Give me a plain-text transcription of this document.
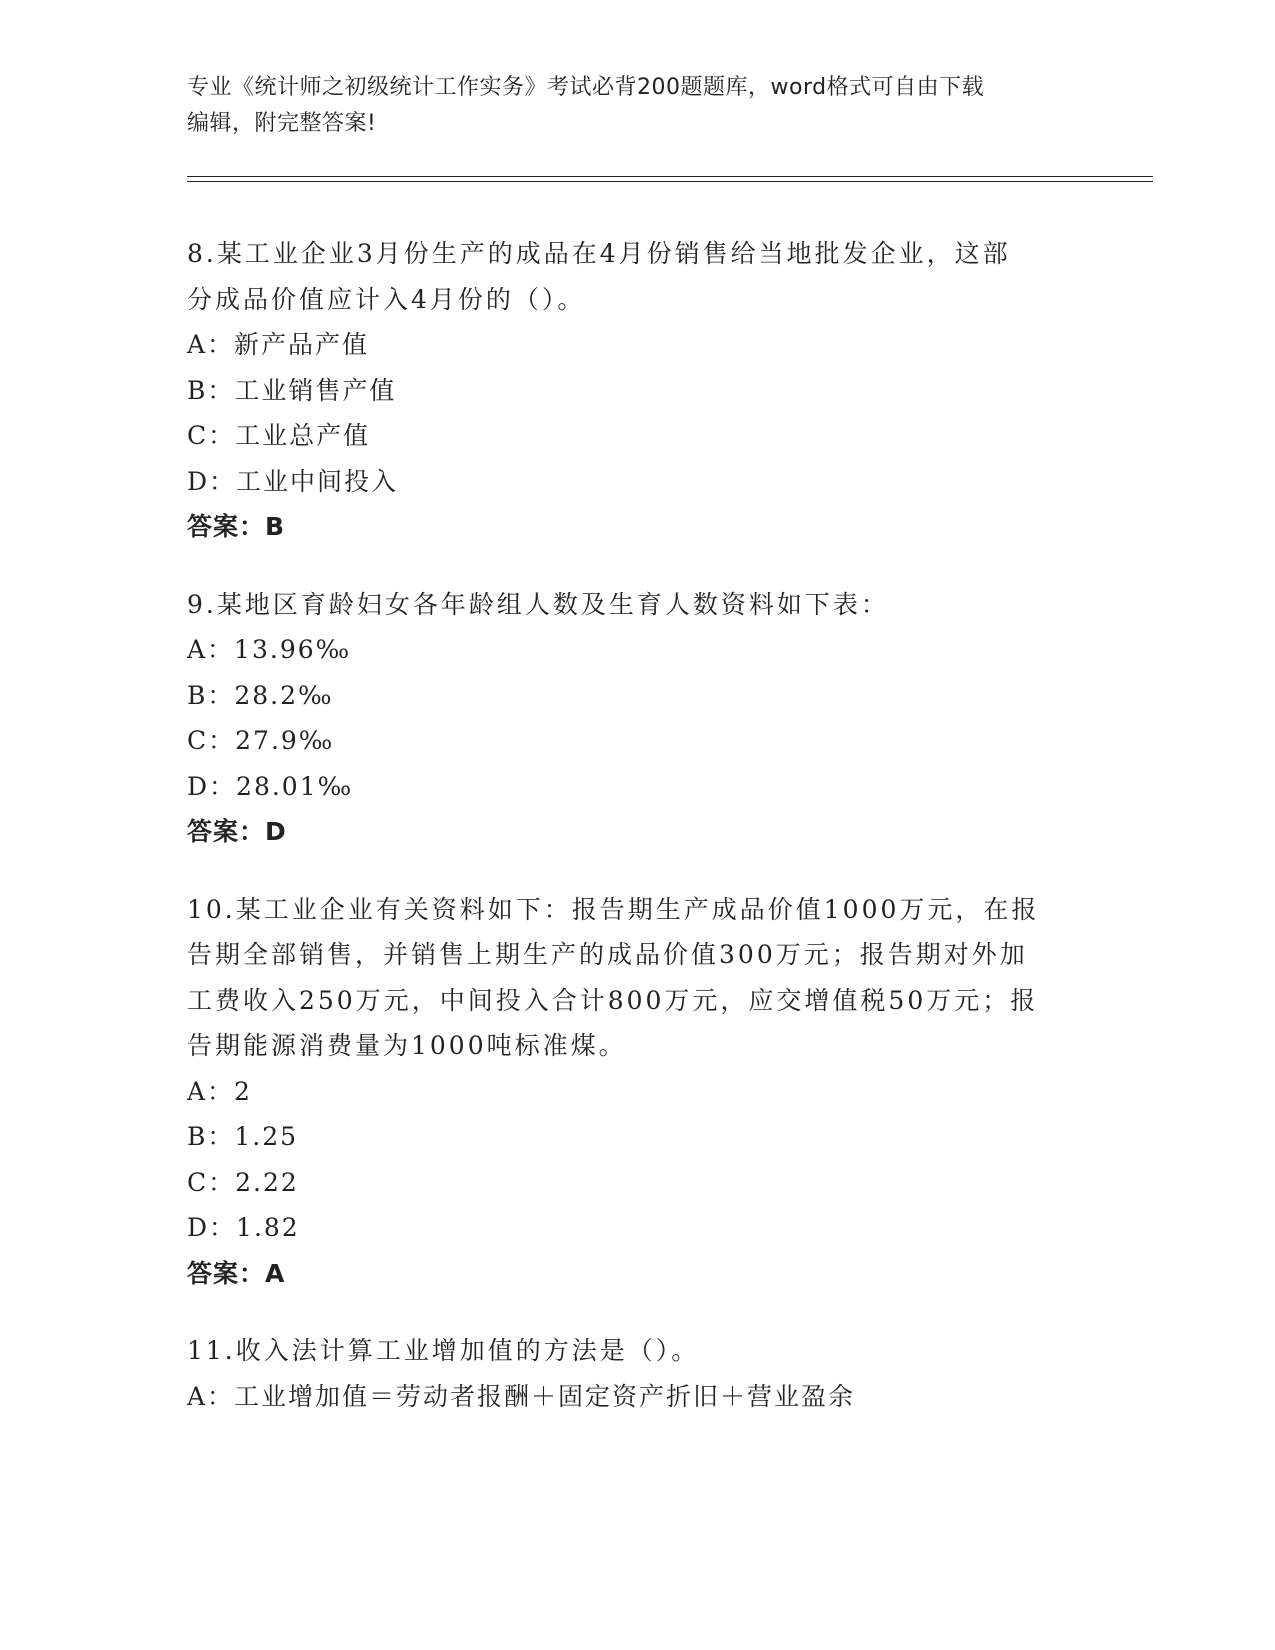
专业《统计师之初级统计工作实务》考试必背200题题库，word格式可自由下载
编辑，附完整答案!
8.某工业企业3月份生产的成品在4月份销售给当地批发企业，这部
分成品价值应计入4月份的（）。
A：新产品产值
B：工业销售产值
C：工业总产值
D：工业中间投入
答案：B
9.某地区育龄妇女各年龄组人数及生育人数资料如下表：
A：13.96‰
B：28.2‰
C：27.9‰
D：28.01‰
答案：D
10.某工业企业有关资料如下：报告期生产成品价值1000万元，在报
告期全部销售，并销售上期生产的成品价值300万元；报告期对外加
工费收入250万元，中间投入合计800万元，应交增值税50万元；报
告期能源消费量为1000吨标准煤。
A：2
B：1.25
C：2.22
D：1.82
答案：A
11.收入法计算工业增加值的方法是（）。
A：工业增加值＝劳动者报酬＋固定资产折旧＋营业盈余
